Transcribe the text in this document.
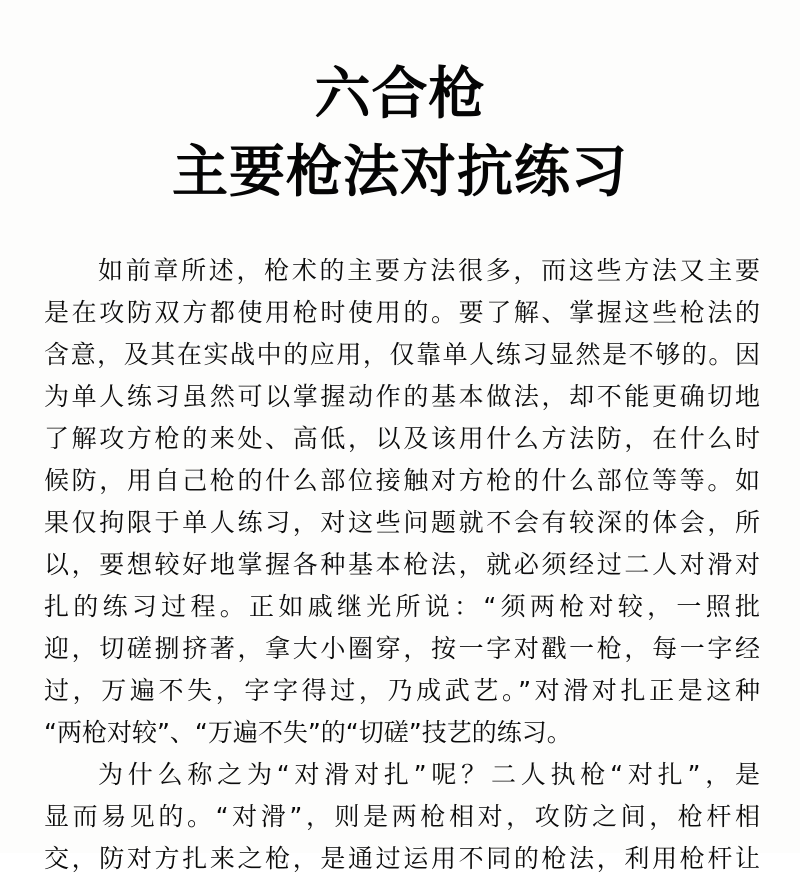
六合枪
主要枪法对抗练习
如前章所述，枪术的主要方法很多，而这些方法又主要
是在攻防双方都使用枪时使用的。要了解、掌握这些枪法的
含意，及其在实战中的应用，仅靠单人练习显然是不够的。因
为单人练习虽然可以掌握动作的基本做法，却不能更确切地
了解攻方枪的来处、高低，以及该用什么方法防，在什么时
候防，用自己枪的什么部位接触对方枪的什么部位等等。如
果仅拘限于单人练习，对这些问题就不会有较深的体会，所
以，要想较好地掌握各种基本枪法，就必须经过二人对滑对
扎的练习过程。正如戚继光所说：“须两枪对较，一照批
迎，切磋捌挤著，拿大小圈穿，按一字对戳一枪，每一字经
过，万遍不失，字字得过，乃成武艺。”对滑对扎正是这种
“两枪对较”、“万遍不失”的“切磋”技艺的练习。
为什么称之为“对滑对扎”呢？二人执枪“对扎”，是
显而易见的。“对滑”，则是两枪相对，攻防之间，枪杆相
交，防对方扎来之枪，是通过运用不同的枪法，利用枪杆让
